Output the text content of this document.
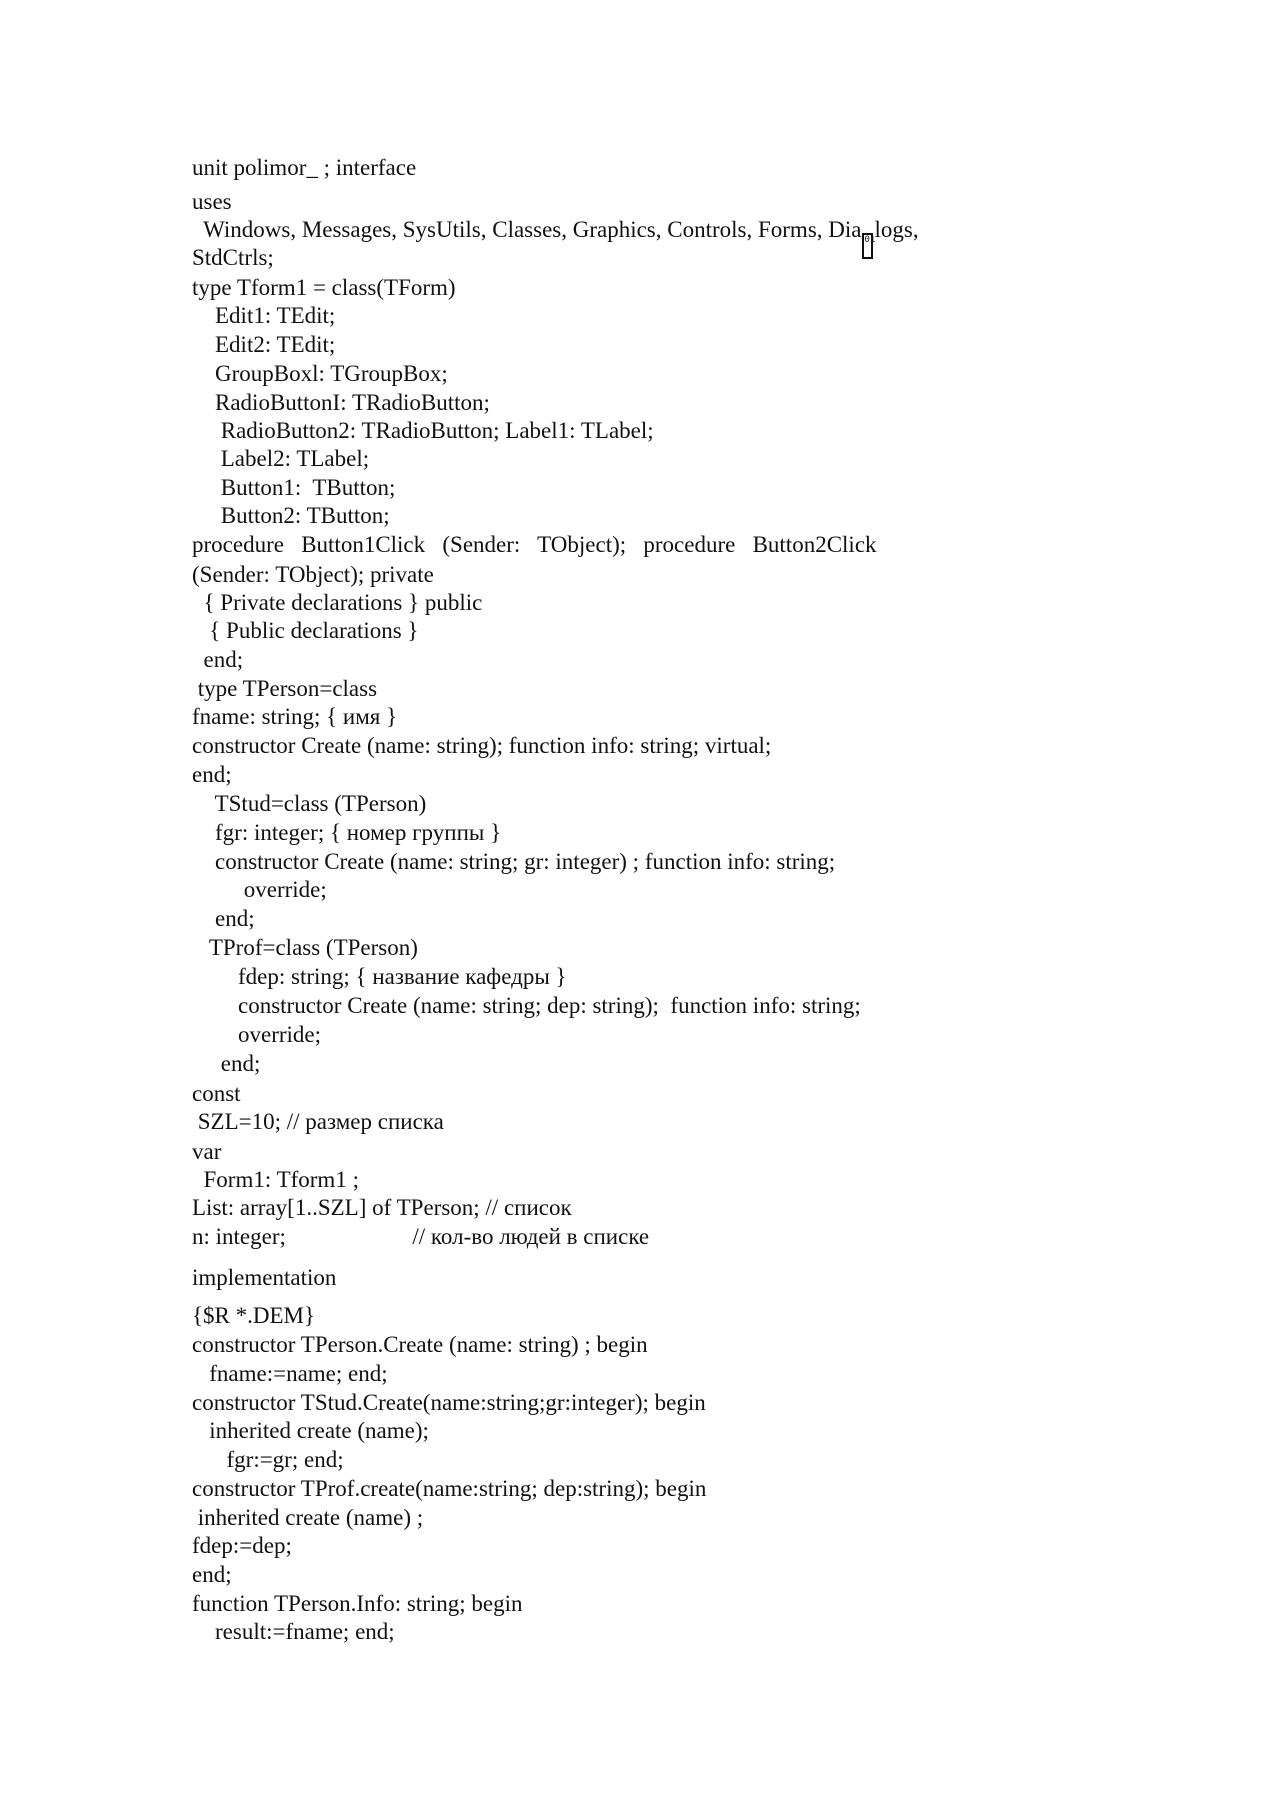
unit polimor_ ; interface
uses
Windows, Messages, SysUtils, Classes, Graphics, Controls, Forms, Dia 01 logs,
StdCtrls;
type Tform1 = class(TForm)
Edit1: TEdit;
Edit2: TEdit;
GroupBoxl: TGroupBox;
RadioButtonI: TRadioButton;
RadioButton2: TRadioButton; Label1: TLabel;
Label2: TLabel;
Button1:  TButton;
Button2: TButton;
procedure   Button1Click   (Sender:   TObject);   procedure   Button2Click
(Sender: TObject); private
{ Private declarations } public
{ Public declarations }
end;
type TPerson=class
fname: string; { имя }
constructor Create (name: string); function info: string; virtual;
end;
TStud=class (TPerson)
fgr: integer; { номер группы }
constructor Create (name: string; gr: integer) ; function info: string;
override;
end;
TProf=class (TPerson)
fdep: string; { название кафедры }
constructor Create (name: string; dep: string);  function info: string;
override;
end;
const
SZL=10; // размер списка
var
Form1: Tform1 ;
List: array[1..SZL] of TPerson; // список
n: integer;                      // кол-во людей в списке
implementation
{$R *.DEM}
constructor TPerson.Create (name: string) ; begin
fname:=name; end;
constructor TStud.Create(name:string;gr:integer); begin
inherited create (name);
fgr:=gr; end;
constructor TProf.create(name:string; dep:string); begin
inherited create (name) ;
fdep:=dep;
end;
function TPerson.Info: string; begin
result:=fname; end;
